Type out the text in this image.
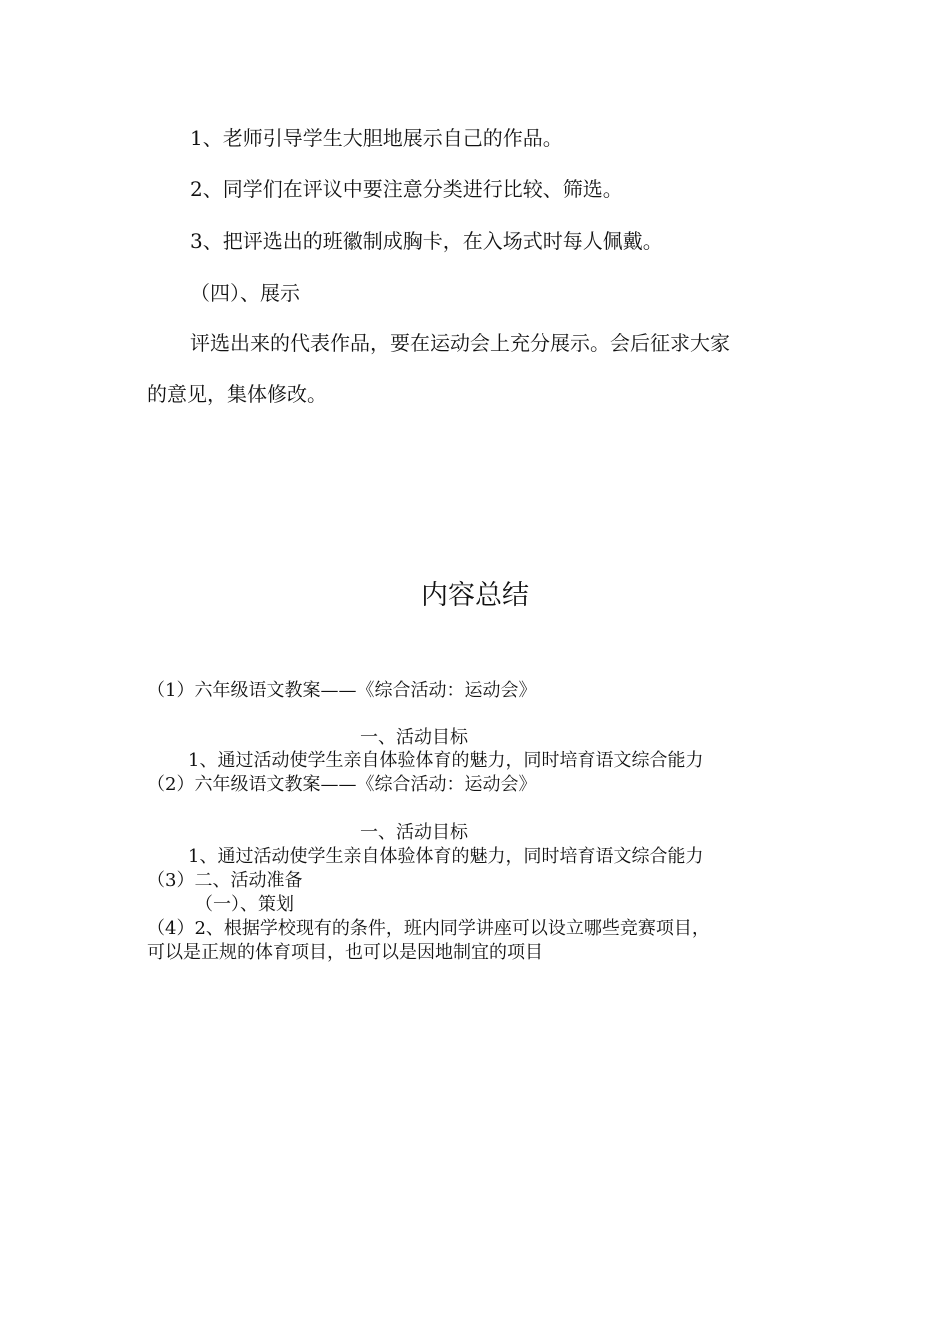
1、老师引导学生大胆地展示自己的作品。
2、同学们在评议中要注意分类进行比较、筛选。
3、把评选出的班徽制成胸卡，在入场式时每人佩戴。
（四）、展示
评选出来的代表作品，要在运动会上充分展示。会后征求大家
的意见，集体修改。
内容总结
（1）六年级语文教案——《综合活动：运动会》
一、活动目标
1、通过活动使学生亲自体验体育的魅力，同时培育语文综合能力
（2）六年级语文教案——《综合活动：运动会》
一、活动目标
1、通过活动使学生亲自体验体育的魅力，同时培育语文综合能力
（3）二、活动准备
（一）、策划
（4）2、根据学校现有的条件，班内同学讲座可以设立哪些竞赛项目，
可以是正规的体育项目，也可以是因地制宜的项目
